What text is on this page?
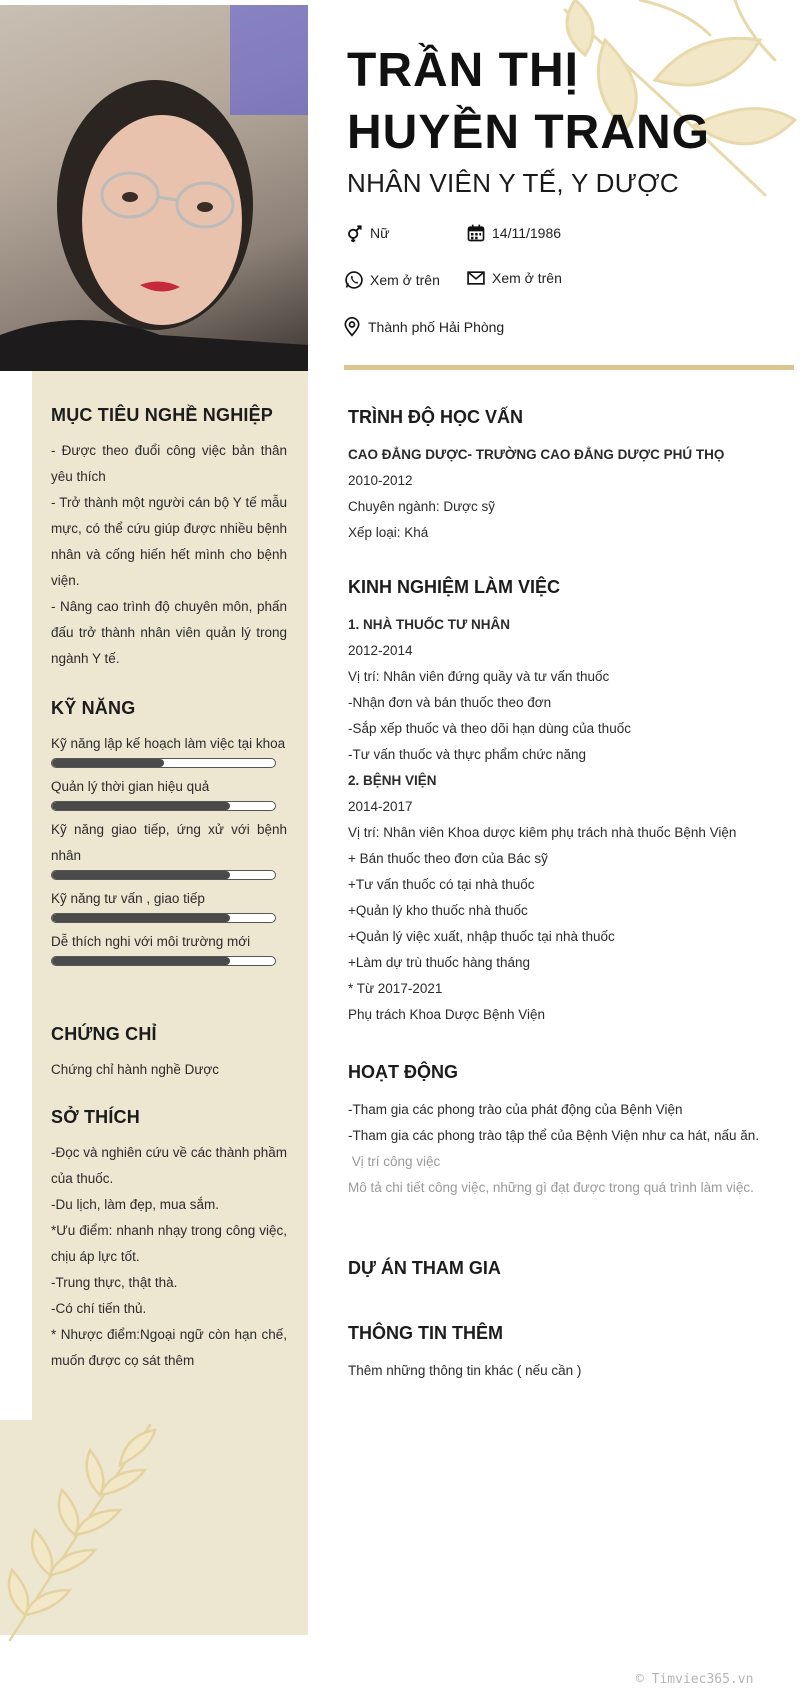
TRẦN THỊ
HUYỀN TRANG
NHÂN VIÊN Y TẾ, Y DƯỢC
Nữ	14/11/1986
Xem ở trên	Xem ở trên
Thành phố Hải Phòng
MỤC TIÊU NGHỀ NGHIỆP

- Được theo đuổi công việc bản thân yêu thích

- Trở thành một người cán bộ Y tế mẫu mực, có thể cứu giúp được nhiều bệnh nhân và cống hiến hết mình cho bệnh viện.

- Nâng cao trình độ chuyên môn, phấn đấu trở thành nhân viên quản lý trong ngành Y tế.

KỸ NĂNG
Kỹ năng lập kế hoạch làm việc tại khoa
Quản lý thời gian hiệu quả
Kỹ năng giao tiếp, ứng xử với bệnh nhân
Kỹ năng tư vấn , giao tiếp
Dễ thích nghi với môi trường mới
CHỨNG CHỈ
Chứng chỉ hành nghề Dược
SỞ THÍCH

-Đọc và nghiên cứu về các thành phầm của thuốc.

-Du lịch, làm đẹp, mua sắm.

*Ưu điểm: nhanh nhạy trong công việc, chịu áp lực tốt.

-Trung thực, thật thà.

-Có chí tiến thủ.

* Nhược điểm:Ngoại ngữ còn hạn chế, muốn được cọ sát thêm

TRÌNH ĐỘ HỌC VẤN
CAO ĐẲNG DƯỢC- TRƯỜNG CAO ĐẲNG DƯỢC PHÚ THỌ
2010-2012
Chuyên ngành: Dược sỹ
Xếp loại: Khá
KINH NGHIỆM LÀM VIỆC
1. NHÀ THUỐC TƯ NHÂN
2012-2014
Vị trí: Nhân viên đứng quầy và tư vấn thuốc
-Nhận đơn và bán thuốc theo đơn
-Sắp xếp thuốc và theo dõi hạn dùng của thuốc
-Tư vấn thuốc và thực phẩm chức năng
2. BỆNH VIỆN
2014-2017
Vị trí: Nhân viên Khoa dược kiêm phụ trách nhà thuốc Bệnh Viện
+ Bán thuốc theo đơn của Bác sỹ
+Tư vấn thuốc có tại nhà thuốc
+Quản lý kho thuốc nhà thuốc
+Quản lý việc xuất, nhập thuốc tại nhà thuốc
+Làm dự trù thuốc hàng tháng
* Từ 2017-2021
Phụ trách Khoa Dược Bệnh Viện
HOẠT ĐỘNG
-Tham gia các phong trào của phát động của Bệnh Viện
-Tham gia các phong trào tập thể của Bệnh Viện như ca hát, nấu ăn.
Vị trí công việc
Mô tả chi tiết công việc, những gì đạt được trong quá trình làm việc.
DỰ ÁN THAM GIA
THÔNG TIN THÊM
Thêm những thông tin khác ( nếu cần )
© Timviec365.vn
